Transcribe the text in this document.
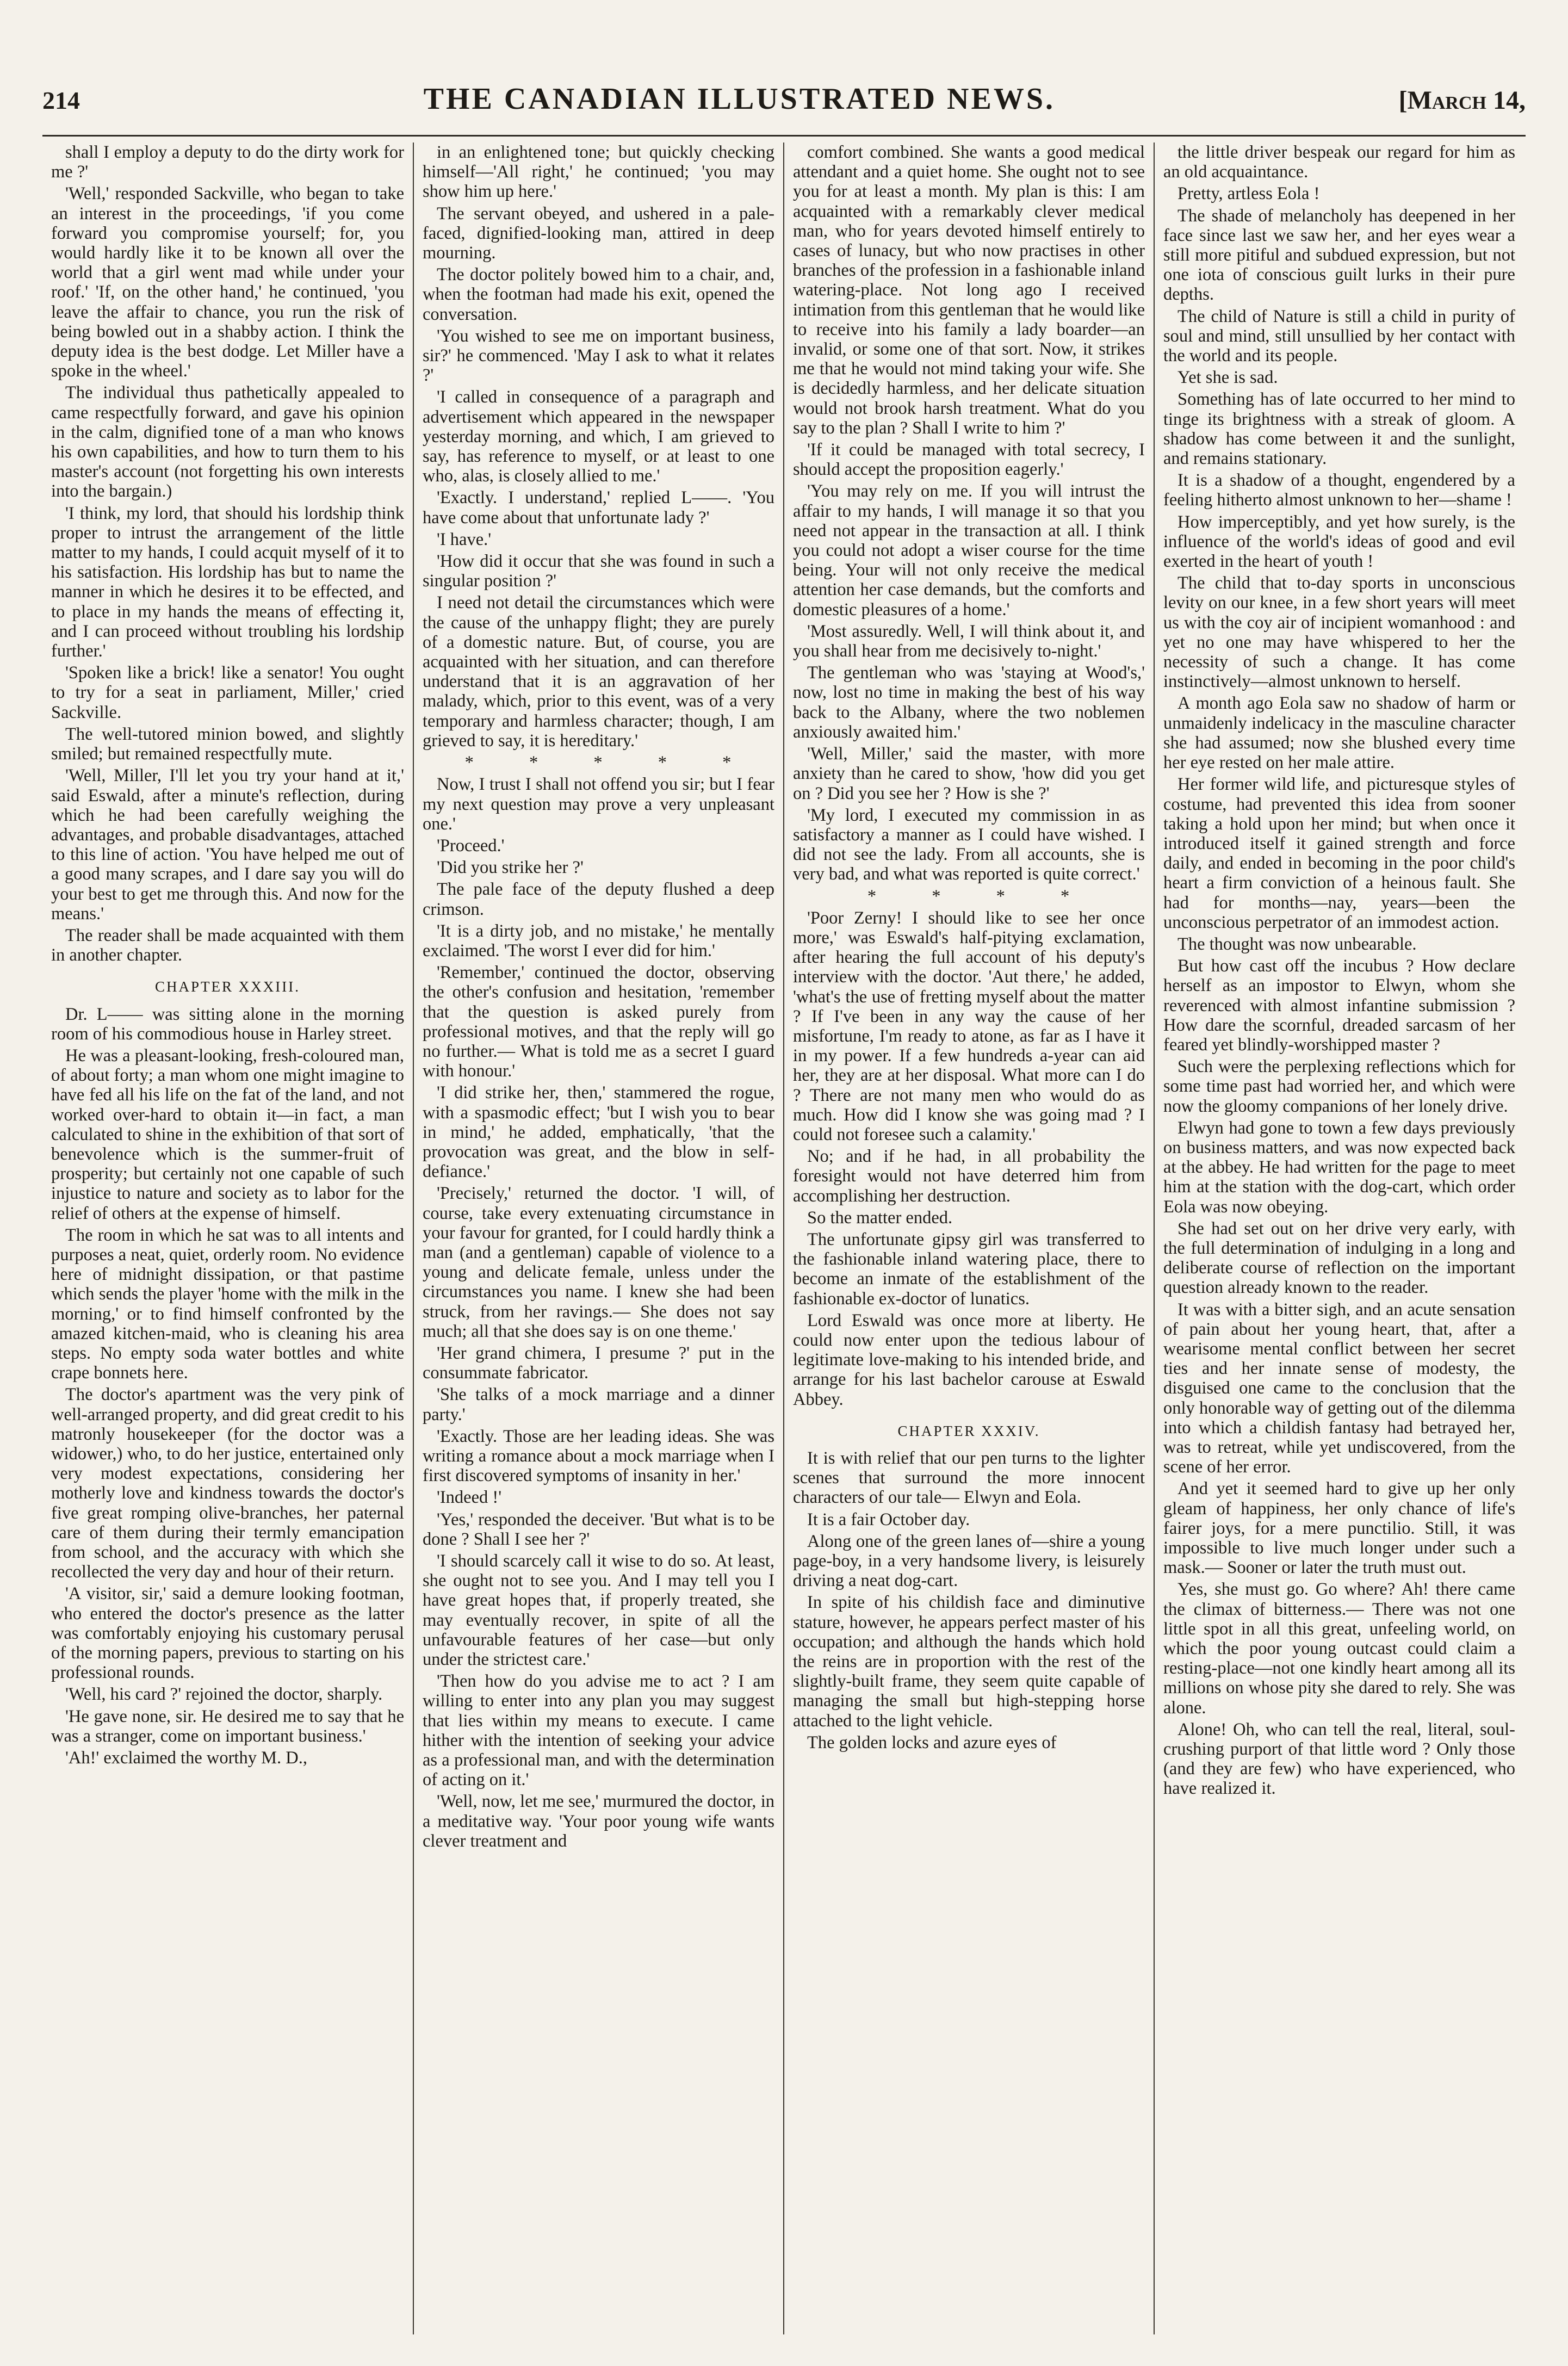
214	THE CANADIAN ILLUSTRATED NEWS.	[March 14,

shall I employ a deputy to do the dirty work for me ?'

'Well,' responded Sackville, who began to take an interest in the proceedings, 'if you come forward you compromise yourself; for, you would hardly like it to be known all over the world that a girl went mad while under your roof.' 'If, on the other hand,' he continued, 'you leave the affair to chance, you run the risk of being bowled out in a shabby action. I think the deputy idea is the best dodge. Let Miller have a spoke in the wheel.'

The individual thus pathetically appealed to came respectfully forward, and gave his opinion in the calm, dignified tone of a man who knows his own capabilities, and how to turn them to his master's account (not forgetting his own interests into the bargain.)

'I think, my lord, that should his lordship think proper to intrust the arrangement of the little matter to my hands, I could acquit myself of it to his satisfaction. His lordship has but to name the manner in which he desires it to be effected, and to place in my hands the means of effecting it, and I can proceed without troubling his lordship further.'

'Spoken like a brick! like a senator! You ought to try for a seat in parliament, Miller,' cried Sackville.

The well-tutored minion bowed, and slightly smiled; but remained respectfully mute.

'Well, Miller, I'll let you try your hand at it,' said Eswald, after a minute's reflection, during which he had been carefully weighing the advantages, and probable disadvantages, attached to this line of action. 'You have helped me out of a good many scrapes, and I dare say you will do your best to get me through this. And now for the means.'

The reader shall be made acquainted with them in another chapter.

CHAPTER XXXIII.

Dr. L—— was sitting alone in the morning room of his commodious house in Harley street.

He was a pleasant-looking, fresh-coloured man, of about forty; a man whom one might imagine to have fed all his life on the fat of the land, and not worked over-hard to obtain it—in fact, a man calculated to shine in the exhibition of that sort of benevolence which is the summer-fruit of prosperity; but certainly not one capable of such injustice to nature and society as to labor for the relief of others at the expense of himself.

The room in which he sat was to all intents and purposes a neat, quiet, orderly room. No evidence here of midnight dissipation, or that pastime which sends the player 'home with the milk in the morning,' or to find himself confronted by the amazed kitchen-maid, who is cleaning his area steps. No empty soda water bottles and white crape bonnets here.

The doctor's apartment was the very pink of well-arranged property, and did great credit to his matronly housekeeper (for the doctor was a widower,) who, to do her justice, entertained only very modest expectations, considering her motherly love and kindness towards the doctor's five great romping olive-branches, her paternal care of them during their termly emancipation from school, and the accuracy with which she recollected the very day and hour of their return.

'A visitor, sir,' said a demure looking footman, who entered the doctor's presence as the latter was comfortably enjoying his customary perusal of the morning papers, previous to starting on his professional rounds.

'Well, his card ?' rejoined the doctor, sharply.

'He gave none, sir. He desired me to say that he was a stranger, come on important business.'

'Ah!' exclaimed the worthy M. D.,

in an enlightened tone; but quickly checking himself—'All right,' he continued; 'you may show him up here.'

The servant obeyed, and ushered in a pale-faced, dignified-looking man, attired in deep mourning.

The doctor politely bowed him to a chair, and, when the footman had made his exit, opened the conversation.

'You wished to see me on important business, sir?' he commenced. 'May I ask to what it relates ?'

'I called in consequence of a paragraph and advertisement which appeared in the newspaper yesterday morning, and which, I am grieved to say, has reference to myself, or at least to one who, alas, is closely allied to me.'

'Exactly. I understand,' replied L——. 'You have come about that unfortunate lady ?'

'I have.'

'How did it occur that she was found in such a singular position ?'

I need not detail the circumstances which were the cause of the unhappy flight; they are purely of a domestic nature. But, of course, you are acquainted with her situation, and can therefore understand that it is an aggravation of her malady, which, prior to this event, was of a very temporary and harmless character; though, I am grieved to say, it is hereditary.'

* * * * *

Now, I trust I shall not offend you sir; but I fear my next question may prove a very unpleasant one.'

'Proceed.'

'Did you strike her ?'

The pale face of the deputy flushed a deep crimson.

'It is a dirty job, and no mistake,' he mentally exclaimed. 'The worst I ever did for him.'

'Remember,' continued the doctor, observing the other's confusion and hesitation, 'remember that the question is asked purely from professional motives, and that the reply will go no further.— What is told me as a secret I guard with honour.'

'I did strike her, then,' stammered the rogue, with a spasmodic effect; 'but I wish you to bear in mind,' he added, emphatically, 'that the provocation was great, and the blow in self-defiance.'

'Precisely,' returned the doctor. 'I will, of course, take every extenuating circumstance in your favour for granted, for I could hardly think a man (and a gentleman) capable of violence to a young and delicate female, unless under the circumstances you name. I knew she had been struck, from her ravings.— She does not say much; all that she does say is on one theme.'

'Her grand chimera, I presume ?' put in the consummate fabricator.

'She talks of a mock marriage and a dinner party.'

'Exactly. Those are her leading ideas. She was writing a romance about a mock marriage when I first discovered symptoms of insanity in her.'

'Indeed !'

'Yes,' responded the deceiver. 'But what is to be done ? Shall I see her ?'

'I should scarcely call it wise to do so. At least, she ought not to see you. And I may tell you I have great hopes that, if properly treated, she may eventually recover, in spite of all the unfavourable features of her case—but only under the strictest care.'

'Then how do you advise me to act ? I am willing to enter into any plan you may suggest that lies within my means to execute. I came hither with the intention of seeking your advice as a professional man, and with the determination of acting on it.'

'Well, now, let me see,' murmured the doctor, in a meditative way. 'Your poor young wife wants clever treatment and

comfort combined. She wants a good medical attendant and a quiet home. She ought not to see you for at least a month. My plan is this: I am acquainted with a remarkably clever medical man, who for years devoted himself entirely to cases of lunacy, but who now practises in other branches of the profession in a fashionable inland watering-place. Not long ago I received intimation from this gentleman that he would like to receive into his family a lady boarder—an invalid, or some one of that sort. Now, it strikes me that he would not mind taking your wife. She is decidedly harmless, and her delicate situation would not brook harsh treatment. What do you say to the plan ? Shall I write to him ?'

'If it could be managed with total secrecy, I should accept the proposition eagerly.'

'You may rely on me. If you will intrust the affair to my hands, I will manage it so that you need not appear in the transaction at all. I think you could not adopt a wiser course for the time being. Your will not only receive the medical attention her case demands, but the comforts and domestic pleasures of a home.'

'Most assuredly. Well, I will think about it, and you shall hear from me decisively to-night.'

The gentleman who was 'staying at Wood's,' now, lost no time in making the best of his way back to the Albany, where the two noblemen anxiously awaited him.'

'Well, Miller,' said the master, with more anxiety than he cared to show, 'how did you get on ? Did you see her ? How is she ?'

'My lord, I executed my commission in as satisfactory a manner as I could have wished. I did not see the lady. From all accounts, she is very bad, and what was reported is quite correct.'

* * * *

'Poor Zerny! I should like to see her once more,' was Eswald's half-pitying exclamation, after hearing the full account of his deputy's interview with the doctor. 'Aut there,' he added, 'what's the use of fretting myself about the matter ? If I've been in any way the cause of her misfortune, I'm ready to atone, as far as I have it in my power. If a few hundreds a-year can aid her, they are at her disposal. What more can I do ? There are not many men who would do as much. How did I know she was going mad ? I could not foresee such a calamity.'

No; and if he had, in all probability the foresight would not have deterred him from accomplishing her destruction.

So the matter ended.

The unfortunate gipsy girl was transferred to the fashionable inland watering place, there to become an inmate of the establishment of the fashionable ex-doctor of lunatics.

Lord Eswald was once more at liberty. He could now enter upon the tedious labour of legitimate love-making to his intended bride, and arrange for his last bachelor carouse at Eswald Abbey.

CHAPTER XXXIV.

It is with relief that our pen turns to the lighter scenes that surround the more innocent characters of our tale— Elwyn and Eola.

It is a fair October day.

Along one of the green lanes of—shire a young page-boy, in a very handsome livery, is leisurely driving a neat dog-cart.

In spite of his childish face and diminutive stature, however, he appears perfect master of his occupation; and although the hands which hold the reins are in proportion with the rest of the slightly-built frame, they seem quite capable of managing the small but high-stepping horse attached to the light vehicle.

The golden locks and azure eyes of

the little driver bespeak our regard for him as an old acquaintance.

Pretty, artless Eola !

The shade of melancholy has deepened in her face since last we saw her, and her eyes wear a still more pitiful and subdued expression, but not one iota of conscious guilt lurks in their pure depths.

The child of Nature is still a child in purity of soul and mind, still unsullied by her contact with the world and its people.

Yet she is sad.

Something has of late occurred to her mind to tinge its brightness with a streak of gloom. A shadow has come between it and the sunlight, and remains stationary.

It is a shadow of a thought, engendered by a feeling hitherto almost unknown to her—shame !

How imperceptibly, and yet how surely, is the influence of the world's ideas of good and evil exerted in the heart of youth !

The child that to-day sports in unconscious levity on our knee, in a few short years will meet us with the coy air of incipient womanhood : and yet no one may have whispered to her the necessity of such a change. It has come instinctively—almost unknown to herself.

A month ago Eola saw no shadow of harm or unmaidenly indelicacy in the masculine character she had assumed; now she blushed every time her eye rested on her male attire.

Her former wild life, and picturesque styles of costume, had prevented this idea from sooner taking a hold upon her mind; but when once it introduced itself it gained strength and force daily, and ended in becoming in the poor child's heart a firm conviction of a heinous fault. She had for months—nay, years—been the unconscious perpetrator of an immodest action.

The thought was now unbearable.

But how cast off the incubus ? How declare herself as an impostor to Elwyn, whom she reverenced with almost infantine submission ? How dare the scornful, dreaded sarcasm of her feared yet blindly-worshipped master ?

Such were the perplexing reflections which for some time past had worried her, and which were now the gloomy companions of her lonely drive.

Elwyn had gone to town a few days previously on business matters, and was now expected back at the abbey. He had written for the page to meet him at the station with the dog-cart, which order Eola was now obeying.

She had set out on her drive very early, with the full determination of indulging in a long and deliberate course of reflection on the important question already known to the reader.

It was with a bitter sigh, and an acute sensation of pain about her young heart, that, after a wearisome mental conflict between her secret ties and her innate sense of modesty, the disguised one came to the conclusion that the only honorable way of getting out of the dilemma into which a childish fantasy had betrayed her, was to retreat, while yet undiscovered, from the scene of her error.

And yet it seemed hard to give up her only gleam of happiness, her only chance of life's fairer joys, for a mere punctilio. Still, it was impossible to live much longer under such a mask.— Sooner or later the truth must out.

Yes, she must go. Go where? Ah! there came the climax of bitterness.— There was not one little spot in all this great, unfeeling world, on which the poor young outcast could claim a resting-place—not one kindly heart among all its millions on whose pity she dared to rely. She was alone.

Alone! Oh, who can tell the real, literal, soul-crushing purport of that little word ? Only those (and they are few) who have experienced, who have realized it.
